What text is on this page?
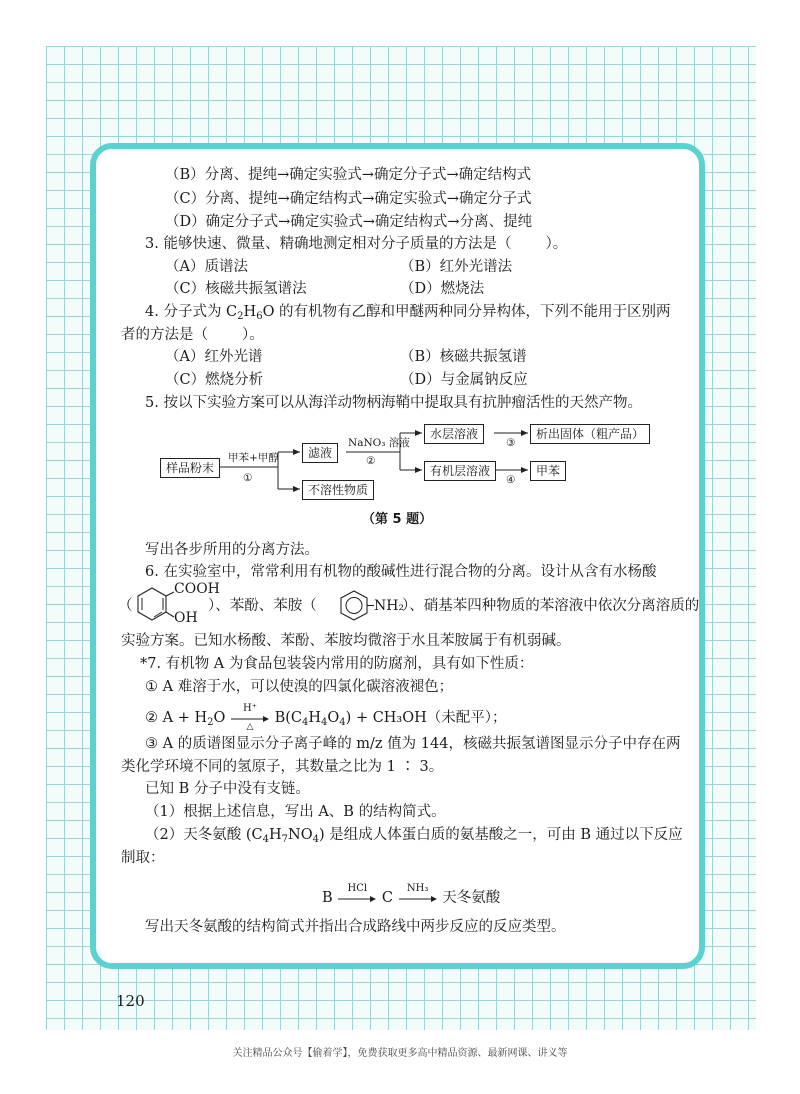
（B）分离、提纯→确定实验式→确定分子式→确定结构式
（C）分离、提纯→确定结构式→确定实验式→确定分子式
（D）确定分子式→确定实验式→确定结构式→分离、提纯
3. 能够快速、微量、精确地测定相对分子质量的方法是（ ）。
（A）质谱法	（B）红外光谱法
（C）核磁共振氢谱法	（D）燃烧法
4. 分子式为 $C_2H_6O$ 的有机物有乙醇和甲醚两种同分异构体，下列不能用于区别两
者的方法是（ ）。
（A）红外光谱	（B）核磁共振氢谱
（C）燃烧分析	（D）与金属钠反应
5. 按以下实验方案可以从海洋动物柄海鞘中提取具有抗肿瘤活性的天然产物。
样品粉末
甲苯+甲醇
①
滤液
不溶性物质
NaNO₃ 溶液
②
水层溶液
③
析出固体（粗产品）
有机层溶液
④
甲苯
（第 5 题）
写出各步所用的分离方法。
6. 在实验室中，常常利用有机物的酸碱性进行混合物的分离。设计从含有水杨酸
（
COOH
OH
）、苯酚、苯胺（	NH₂
）、硝基苯四种物质的苯溶液中依次分离溶质的
实验方案。已知水杨酸、苯酚、苯胺均微溶于水且苯胺属于有机弱碱。
*7. 有机物 A 为食品包装袋内常用的防腐剂，具有如下性质：
① A 难溶于水，可以使溴的四氯化碳溶液褪色；
② $A + H_2O$
H⁺
△
$B(C_4H_4O_4) + CH_3OH$（未配平）；
③ A 的质谱图显示分子离子峰的 m/z 值为 144，核磁共振氢谱图显示分子中存在两
类化学环境不同的氢原子，其数量之比为 1 ∶ 3。
已知 B 分子中没有支链。
（1）根据上述信息，写出 A、B 的结构简式。
（2）天冬氨酸 $(C_4H_7NO_4)$ 是组成人体蛋白质的氨基酸之一，可由 B 通过以下反应
制取：
B
HCl

C
NH₃

天冬氨酸
写出天冬氨酸的结构简式并指出合成路线中两步反应的反应类型。
120
关注精品公众号【偷着学】，免费获取更多高中精品资源、最新网课、讲义等
